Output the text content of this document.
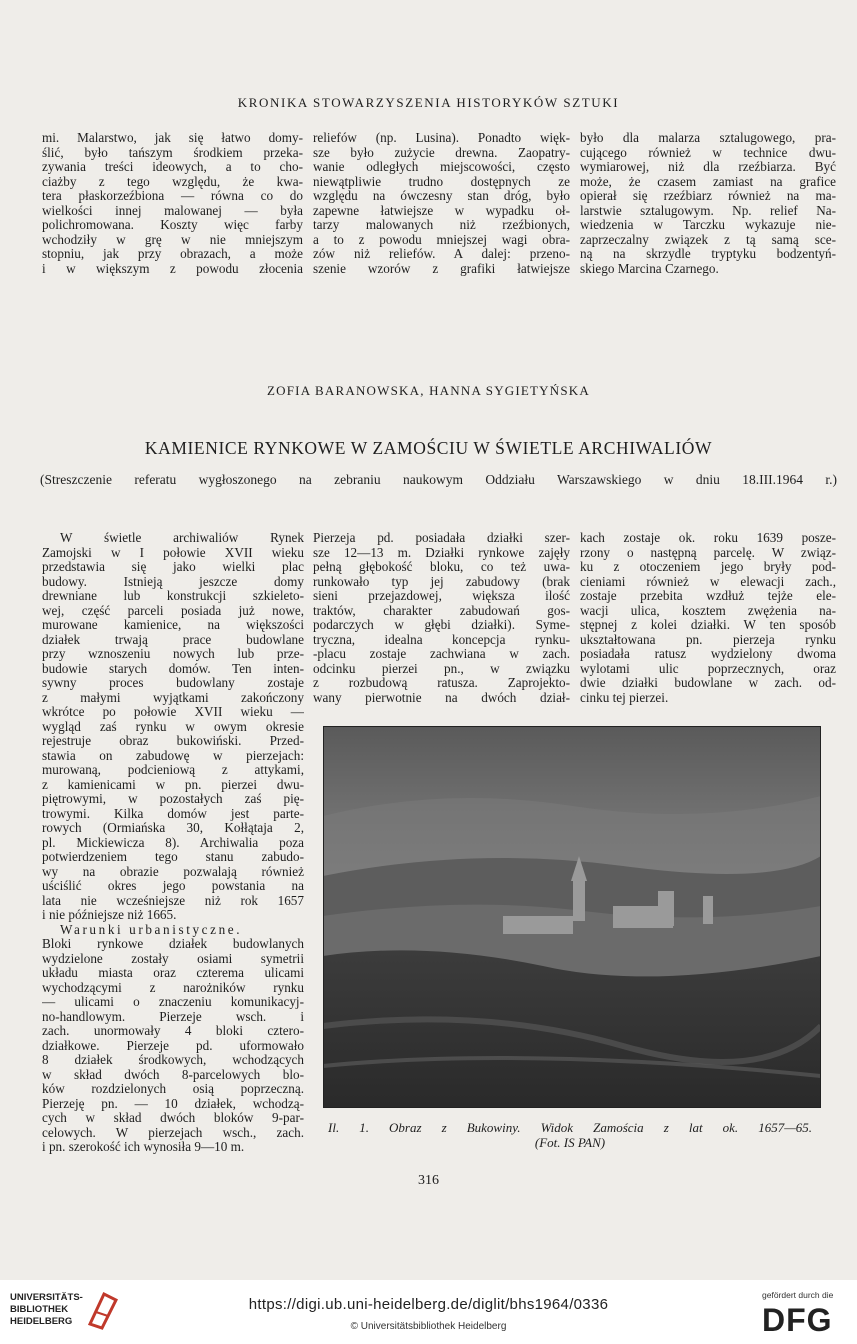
KRONIKA STOWARZYSZENIA HISTORYKÓW SZTUKI
mi. Malarstwo, jak się łatwo domy-
ślić, było tańszym środkiem przeka-
zywania treści ideowych, a to cho-
ciażby z tego względu, że kwa-
tera płaskorzeźbiona — równa co do
wielkości innej malowanej — była
polichromowana. Koszty więc farby
wchodziły w grę w nie mniejszym
stopniu, jak przy obrazach, a może
i w większym z powodu złocenia
reliefów (np. Lusina). Ponadto więk-
sze było zużycie drewna. Zaopatry-
wanie odległych miejscowości, często
niewątpliwie trudno dostępnych ze
względu na ówczesny stan dróg, było
zapewne łatwiejsze w wypadku oł-
tarzy malowanych niż rzeźbionych,
a to z powodu mniejszej wagi obra-
zów niż reliefów. A dalej: przeno-
szenie wzorów z grafiki łatwiejsze
było dla malarza sztalugowego, pra-
cującego również w technice dwu-
wymiarowej, niż dla rzeźbiarza. Być
może, że czasem zamiast na grafice
opierał się rzeźbiarz również na ma-
larstwie sztalugowym. Np. relief Na-
wiedzenia w Tarczku wykazuje nie-
zaprzeczalny związek z tą samą sce-
ną na skrzydle tryptyku bodzentyń-
skiego Marcina Czarnego.
ZOFIA BARANOWSKA, HANNA SYGIETYŃSKA
KAMIENICE RYNKOWE W ZAMOŚCIU W ŚWIETLE ARCHIWALIÓW
(Streszczenie referatu wygłoszonego na zebraniu naukowym Oddziału Warszawskiego w dniu 18.III.1964 r.)
W świetle archiwaliów Rynek
Zamojski w I połowie XVII wieku
przedstawia się jako wielki plac
budowy. Istnieją jeszcze domy
drewniane lub konstrukcji szkieleto-
wej, część parceli posiada już nowe,
murowane kamienice, na większości
działek trwają prace budowlane
przy wznoszeniu nowych lub prze-
budowie starych domów. Ten inten-
sywny proces budowlany zostaje
z małymi wyjątkami zakończony
wkrótce po połowie XVII wieku —
wygląd zaś rynku w owym okresie
rejestruje obraz bukowiński. Przed-
stawia on zabudowę w pierzejach:
murowaną, podcieniową z attykami,
z kamienicami w pn. pierzei dwu-
piętrowymi, w pozostałych zaś pię-
trowymi. Kilka domów jest parte-
rowych (Ormiańska 30, Kołłątaja 2,
pl. Mickiewicza 8). Archiwalia poza
potwierdzeniem tego stanu zabudo-
wy na obrazie pozwalają również
uściślić okres jego powstania na
lata nie wcześniejsze niż rok 1657
i nie późniejsze niż 1665.
Warunki urbanistyczne.
Bloki rynkowe działek budowlanych
wydzielone zostały osiami symetrii
układu miasta oraz czterema ulicami
wychodzącymi z narożników rynku
— ulicami o znaczeniu komunikacyj-
no-handlowym. Pierzeje wsch. i
zach. unormowały 4 bloki cztero-
działkowe. Pierzeje pd. uformowało
8 działek środkowych, wchodzących
w skład dwóch 8-parcelowych blo-
ków rozdzielonych osią poprzeczną.
Pierzeję pn. — 10 działek, wchodzą-
cych w skład dwóch bloków 9-par-
celowych. W pierzejach wsch., zach.
i pn. szerokość ich wynosiła 9—10 m.
Pierzeja pd. posiadała działki szer-
sze 12—13 m. Działki rynkowe zajęły
pełną głębokość bloku, co też uwa-
runkowało typ jej zabudowy (brak
sieni przejazdowej, większa ilość
traktów, charakter zabudowań gos-
podarczych w głębi działki). Syme-
tryczna, idealna koncepcja rynku-
-placu zostaje zachwiana w zach.
odcinku pierzei pn., w związku
z rozbudową ratusza. Zaprojekto-
wany pierwotnie na dwóch dział-
kach zostaje ok. roku 1639 posze-
rzony o następną parcelę. W związ-
ku z otoczeniem jego bryły pod-
cieniami również w elewacji zach.,
zostaje przebita wzdłuż tejże ele-
wacji ulica, kosztem zwężenia na-
stępnej z kolei działki. W ten sposób
ukształtowana pn. pierzeja rynku
posiadała ratusz wydzielony dwoma
wylotami ulic poprzecznych, oraz
dwie działki budowlane w zach. od-
cinku tej pierzei.
Il. 1. Obraz z Bukowiny. Widok Zamościa z lat ok. 1657—65.
(Fot. IS PAN)
316
UNIVERSITÄTS-
BIBLIOTHEK
HEIDELBERG
https://digi.ub.uni-heidelberg.de/diglit/bhs1964/0336
© Universitätsbibliothek Heidelberg
gefördert durch die
DFG
